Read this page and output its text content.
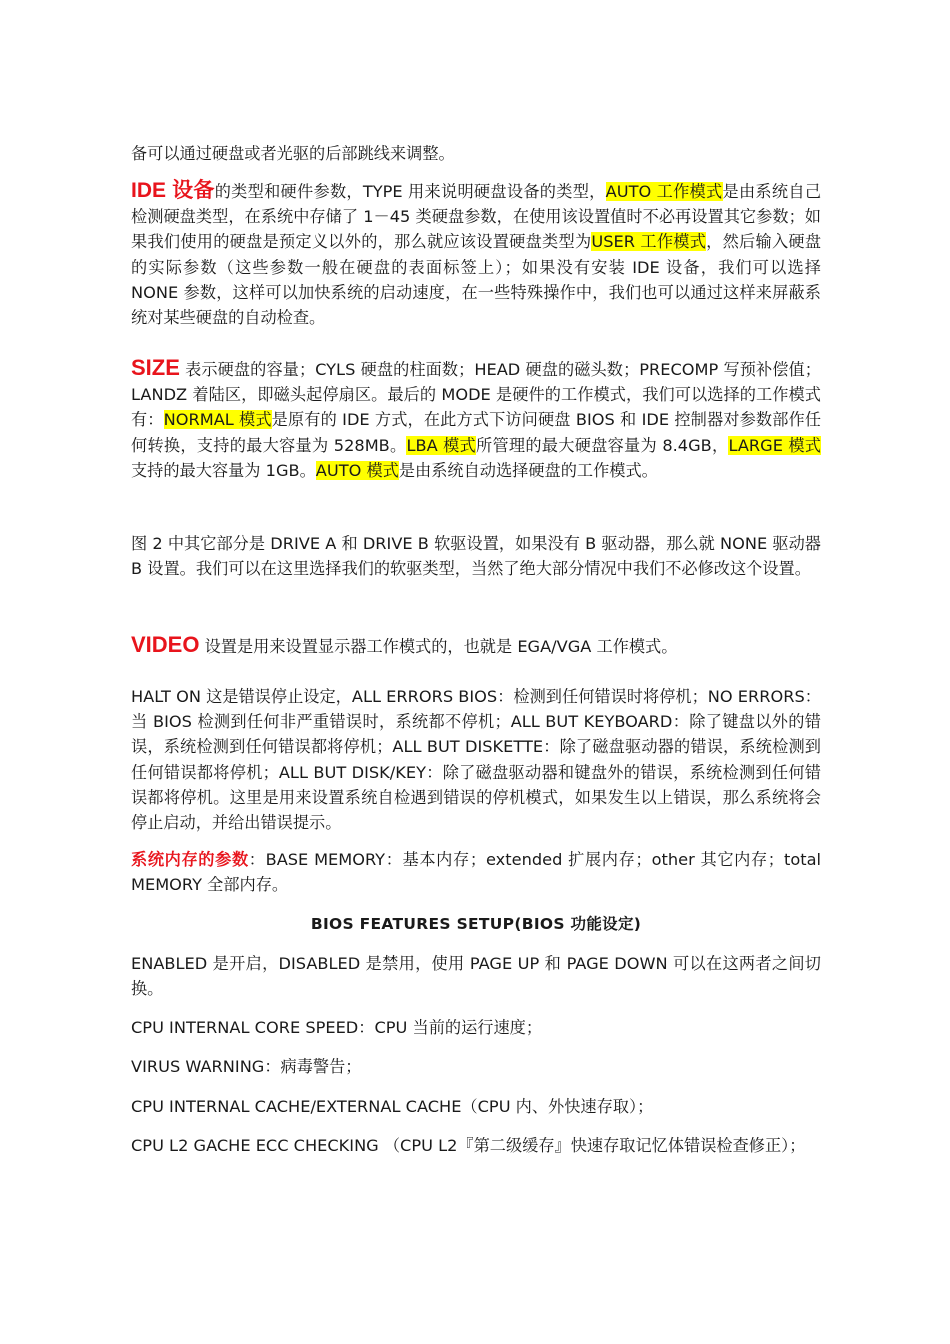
备可以通过硬盘或者光驱的后部跳线来调整。

IDE 设备的类型和硬件参数，TYPE 用来说明硬盘设备的类型，AUTO 工作模式是由系统自己检测硬盘类型，在系统中存储了 1－45 类硬盘参数，在使用该设置值时不必再设置其它参数；如果我们使用的硬盘是预定义以外的，那么就应该设置硬盘类型为USER 工作模式，然后输入硬盘的实际参数（这些参数一般在硬盘的表面标签上）；如果没有安装 IDE 设备，我们可以选择 NONE 参数，这样可以加快系统的启动速度，在一些特殊操作中，我们也可以通过这样来屏蔽系统对某些硬盘的自动检查。

SIZE 表示硬盘的容量；CYLS 硬盘的柱面数；HEAD 硬盘的磁头数；PRECOMP 写预补偿值；LANDZ 着陆区，即磁头起停扇区。最后的 MODE 是硬件的工作模式，我们可以选择的工作模式有：NORMAL 模式是原有的 IDE 方式，在此方式下访问硬盘 BIOS 和 IDE 控制器对参数部作任何转换，支持的最大容量为 528MB。LBA 模式所管理的最大硬盘容量为 8.4GB，LARGE 模式支持的最大容量为 1GB。AUTO 模式是由系统自动选择硬盘的工作模式。

图 2 中其它部分是 DRIVE A 和 DRIVE B 软驱设置，如果没有 B 驱动器，那么就 NONE 驱动器 B 设置。我们可以在这里选择我们的软驱类型，当然了绝大部分情况中我们不必修改这个设置。

VIDEO 设置是用来设置显示器工作模式的，也就是 EGA/VGA 工作模式。

HALT ON 这是错误停止设定，ALL ERRORS BIOS：检测到任何错误时将停机；NO ERRORS：当 BIOS 检测到任何非严重错误时，系统都不停机；ALL BUT KEYBOARD：除了键盘以外的错误，系统检测到任何错误都将停机；ALL BUT DISKETTE：除了磁盘驱动器的错误，系统检测到任何错误都将停机；ALL BUT DISK/KEY：除了磁盘驱动器和键盘外的错误，系统检测到任何错误都将停机。这里是用来设置系统自检遇到错误的停机模式，如果发生以上错误，那么系统将会停止启动，并给出错误提示。

系统内存的参数：BASE MEMORY：基本内存；extended 扩展内存；other 其它内存；total MEMORY 全部内存。

BIOS FEATURES SETUP(BIOS 功能设定)

ENABLED 是开启，DISABLED 是禁用，使用 PAGE UP 和 PAGE DOWN 可以在这两者之间切换。

CPU INTERNAL CORE SPEED：CPU 当前的运行速度；

VIRUS WARNING：病毒警告；

CPU INTERNAL CACHE/EXTERNAL CACHE（CPU 内、外快速存取）；

CPU L2 GACHE ECC CHECKING （CPU L2『第二级缓存』快速存取记忆体错误检查修正）；
